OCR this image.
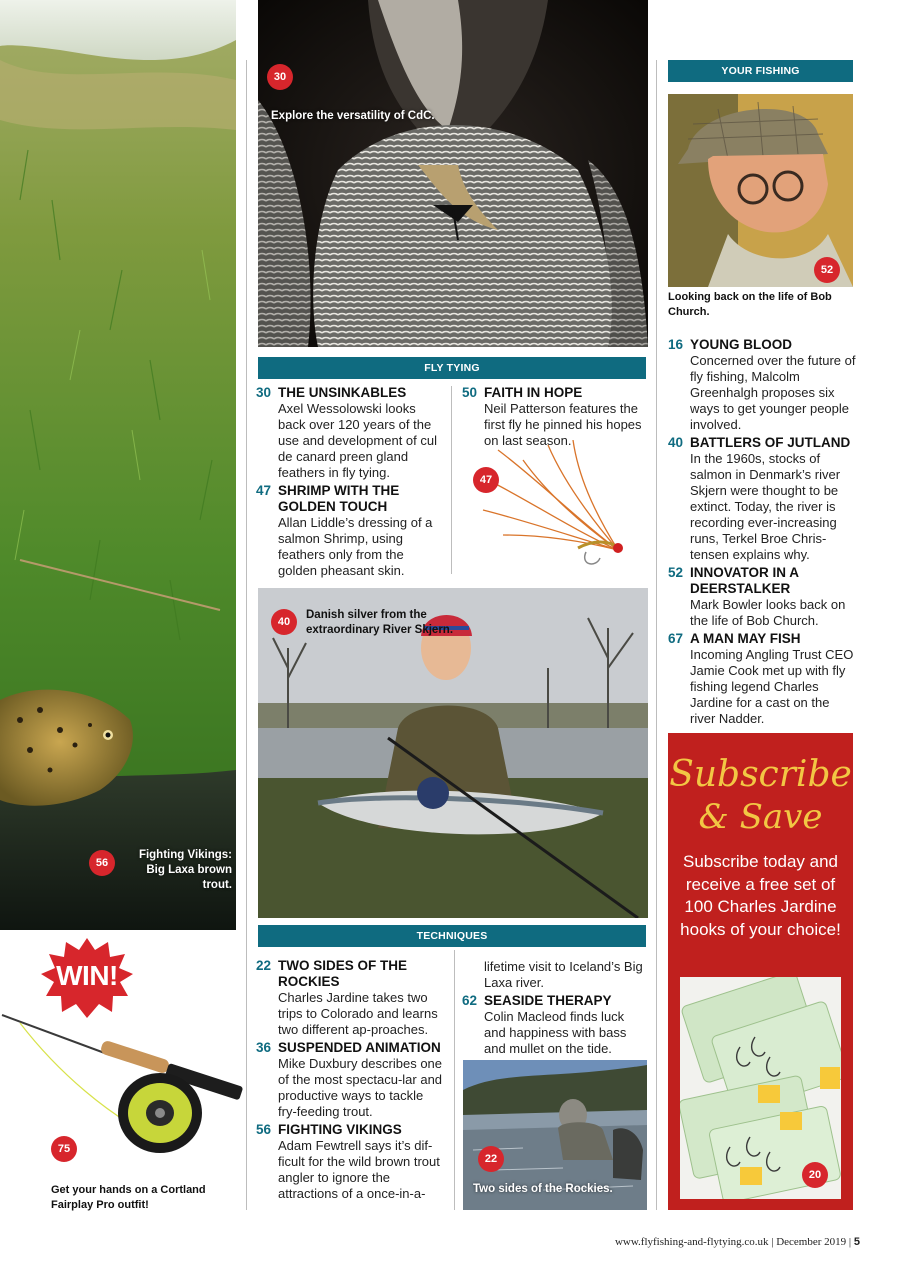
Fighting Vikings: Big Laxa brown trout.
56
WIN!
75
Get your hands on a Cortland Fairplay Pro outfit!
30
Explore the versatility of CdC.
FLY TYING
30 THE UNSINKABLES
Axel Wessolowski looks back over 120 years of the use and development of cul de canard preen gland feathers in fly tying.
47 SHRIMP WITH THE GOLDEN TOUCH
Allan Liddle’s dressing of a salmon Shrimp, using feathers only from the golden pheasant skin.
50 FAITH IN HOPE
Neil Patterson features the first fly he pinned his hopes on last season.
47
40
Danish silver from the extraordinary River Skjern.
TECHNIQUES
22 TWO SIDES OF THE ROCKIES
Charles Jardine takes two trips to Colorado and learns two different ap-proaches.
36 SUSPENDED ANIMATION
Mike Duxbury describes one of the most spectacu-lar and productive ways to tackle fry-feeding trout.
56 FIGHTING VIKINGS
Adam Fewtrell says it’s dif-ficult for the wild brown trout angler to ignore the attractions of a once-in-a-
lifetime visit to Iceland’s Big Laxa river.
62 SEASIDE THERAPY
Colin Macleod finds luck and happiness with bass and mullet on the tide.
22
Two sides of the Rockies.
YOUR FISHING
52
Looking back on the life of Bob Church.
16 YOUNG BLOOD
Concerned over the future of fly fishing, Malcolm Greenhalgh proposes six ways to get younger people involved.
40 BATTLERS OF JUTLAND
In the 1960s, stocks of salmon in Denmark’s river Skjern were thought to be extinct. Today, the river is recording ever-increasing runs, Terkel Broe Chris-tensen explains why.
52 INNOVATOR IN A DEERSTALKER
Mark Bowler looks back on the life of Bob Church.
67 A MAN MAY FISH
Incoming Angling Trust CEO Jamie Cook met up with fly fishing legend Charles Jardine for a cast on the river Nadder.
Subscribe
& Save
Subscribe today and receive a free set of 100 Charles Jardine hooks of your choice!
20
www.flyfishing-and-flytying.co.uk | December 2019 | 5
